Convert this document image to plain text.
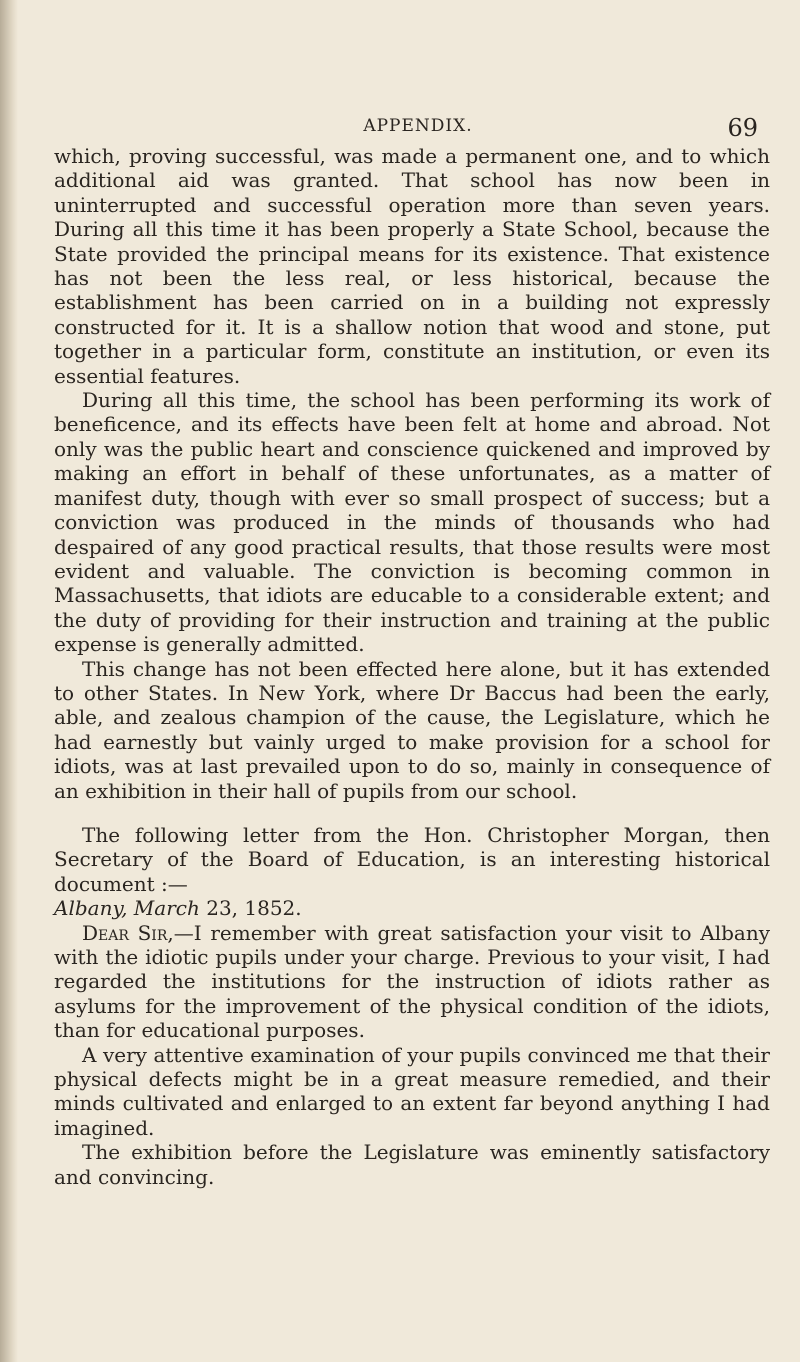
APPENDIX.	69

which, proving successful, was made a permanent one, and to which additional aid was granted. That school has now been in uninterrupted and successful operation more than seven years. During all this time it has been properly a State School, because the State provided the principal means for its existence. That existence has not been the less real, or less historical, because the establishment has been carried on in a building not expressly constructed for it. It is a shallow notion that wood and stone, put together in a particular form, constitute an institution, or even its essential features.

During all this time, the school has been performing its work of beneficence, and its effects have been felt at home and abroad. Not only was the public heart and conscience quickened and improved by making an effort in behalf of these unfortunates, as a matter of manifest duty, though with ever so small prospect of success; but a conviction was produced in the minds of thousands who had despaired of any good practical results, that those results were most evident and valuable. The conviction is becoming common in Massachusetts, that idiots are educable to a considerable extent; and the duty of providing for their instruction and training at the public expense is generally admitted.

This change has not been effected here alone, but it has extended to other States. In New York, where Dr Baccus had been the early, able, and zealous champion of the cause, the Legislature, which he had earnestly but vainly urged to make provision for a school for idiots, was at last prevailed upon to do so, mainly in consequence of an exhibition in their hall of pupils from our school.

The following letter from the Hon. Christopher Morgan, then Secretary of the Board of Education, is an interesting historical document :—

Albany, March 23, 1852.

Dear Sir,—I remember with great satisfaction your visit to Albany with the idiotic pupils under your charge. Previous to your visit, I had regarded the institutions for the instruction of idiots rather as asylums for the improvement of the physical condition of the idiots, than for educational purposes.

A very attentive examination of your pupils convinced me that their physical defects might be in a great measure remedied, and their minds cultivated and enlarged to an extent far beyond anything I had imagined.

The exhibition before the Legislature was eminently satisfactory and convincing.
